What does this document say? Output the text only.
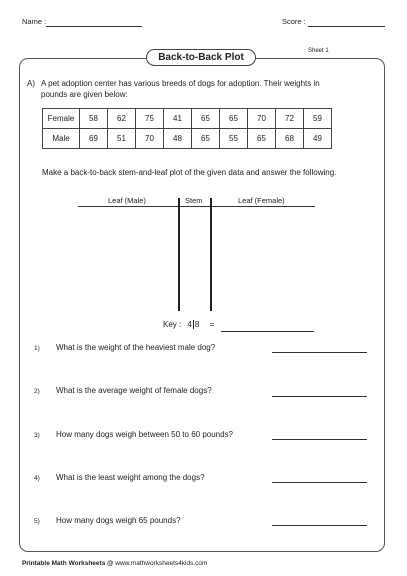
Name :	Score :
Back-to-Back Plot
Sheet 1
A) A pet adoption center has various breeds of dogs for adoption. Their weights in
pounds are given below:
Female	58	62	75	41	65	65	70	72	59
Male	69	51	70	48	65	55	65	68	49
Make a back-to-back stem-and-leaf plot of the given data and answer the following.
Leaf (Male)	Stem	Leaf (Female)
Key : 4 8 =
1) What is the weight of the heaviest male dog?
2) What is the average weight of female dogs?
3) How many dogs weigh between 50 to 60 pounds?
4) What is the least weight among the dogs?
5) How many dogs weigh 65 pounds?
Printable Math Worksheets @ www.mathworksheets4kids.com
